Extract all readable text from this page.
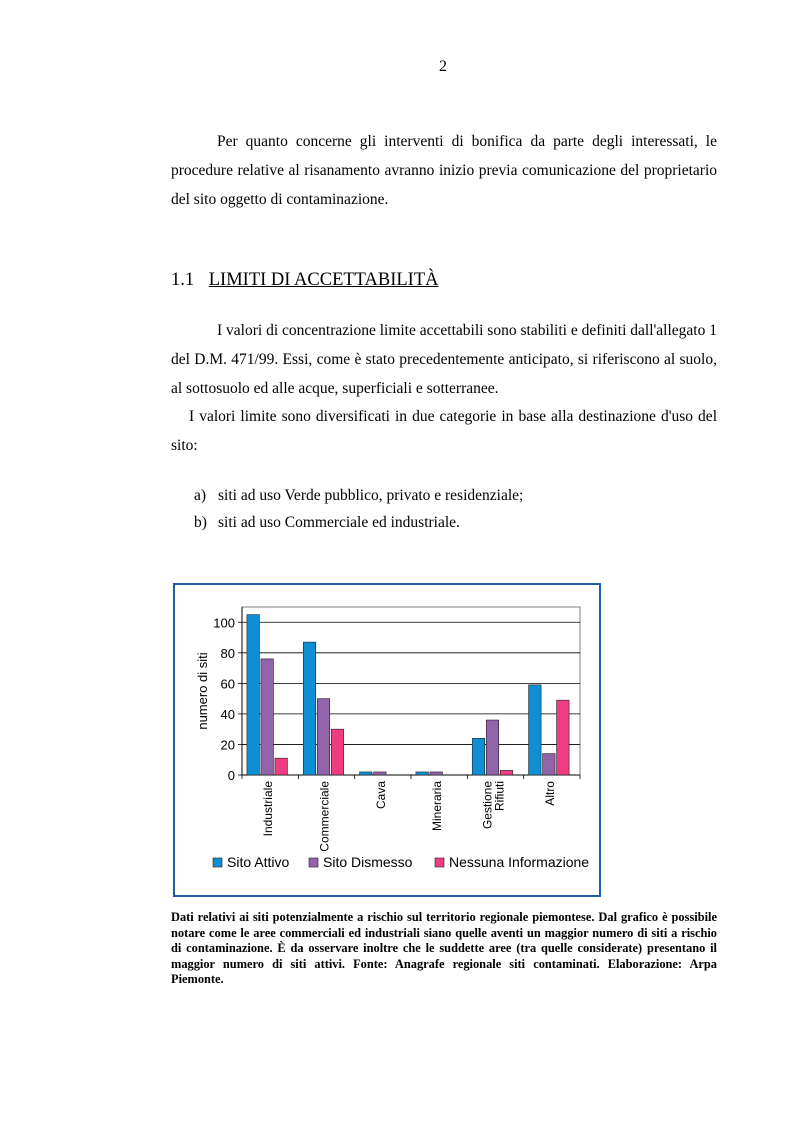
2

Per quanto concerne gli interventi di bonifica da parte degli interessati, le procedure relative al risanamento avranno inizio previa comunicazione del proprietario del sito oggetto di contaminazione.

1.1 LIMITI DI ACCETTABILITÀ

I valori di concentrazione limite accettabili sono stabiliti e definiti dall'allegato 1 del D.M. 471/99. Essi, come è stato precedentemente anticipato, si riferiscono al suolo, al sottosuolo ed alle acque, superficiali e sotterranee.

I valori limite sono diversificati in due categorie in base alla destinazione d'uso del sito:

a) siti ad uso Verde pubblico, privato e residenziale;
b) siti ad uso Commerciale ed industriale.
0
20
40
60
80
100
numero di siti
Industriale	Commerciale	Cava	Mineraria	GestioneRifiuti	Altro
Sito Attivo Sito Dismesso	Nessuna Informazione

Dati relativi ai siti potenzialmente a rischio sul territorio regionale piemontese. Dal grafico è possibile notare come le aree commerciali ed industriali siano quelle aventi un maggior numero di siti a rischio di contaminazione. È da osservare inoltre che le suddette aree (tra quelle considerate) presentano il maggior numero di siti attivi. Fonte: Anagrafe regionale siti contaminati. Elaborazione: Arpa Piemonte.
